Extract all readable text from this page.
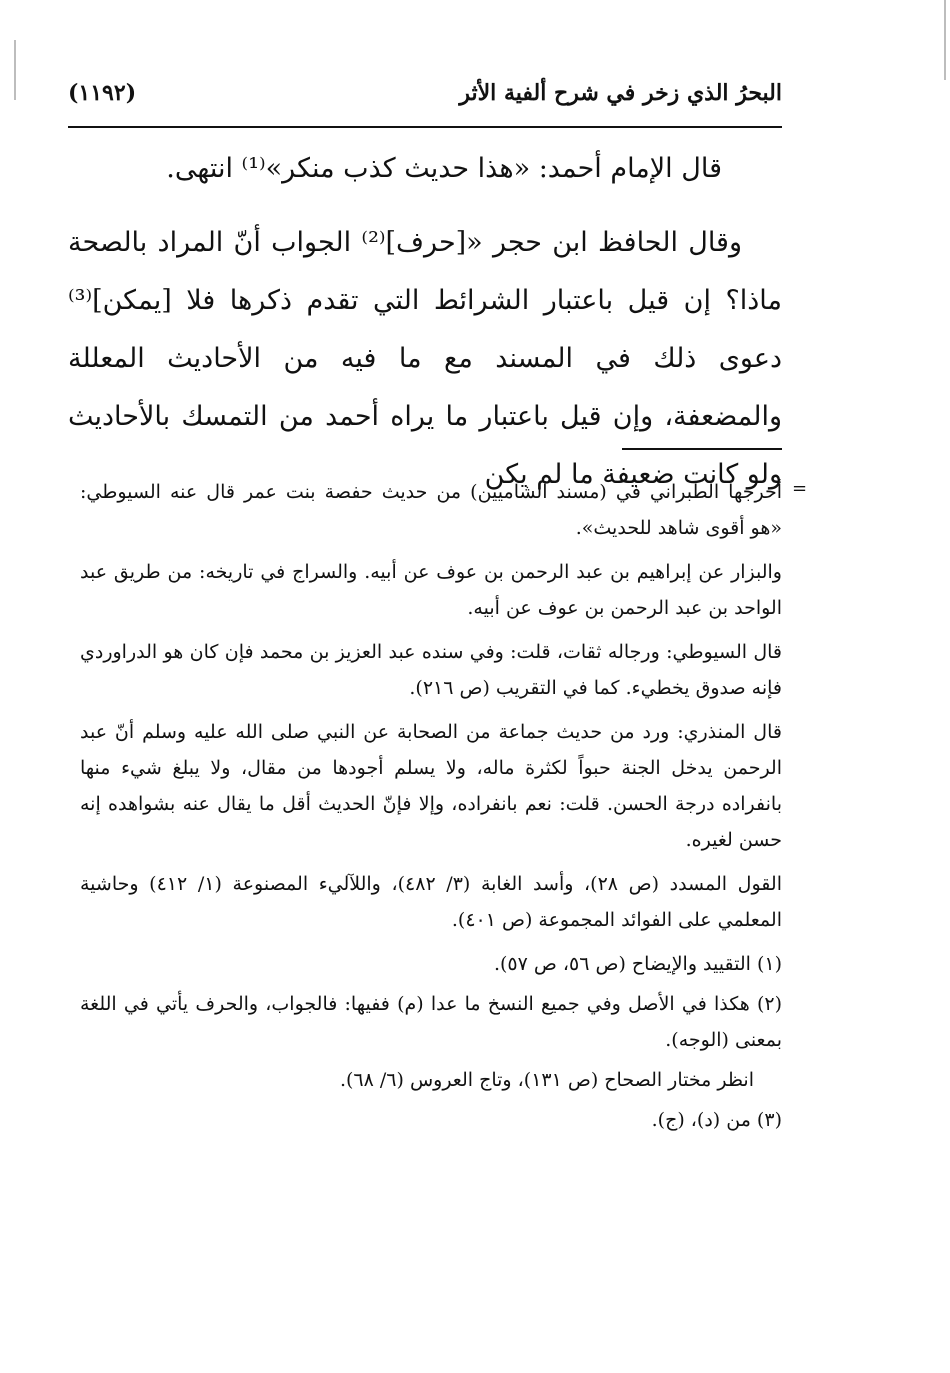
البحرُ الذي زخر في شرح ألفية الأثر
(١١٩٢)

قال الإمام أحمد: «هذا حديث كذب منكر»⁽¹⁾ انتهى.

وقال الحافظ ابن حجر «[حرف]⁽²⁾ الجواب أنّ المراد بالصحة ماذا؟ إن قيل باعتبار الشرائط التي تقدم ذكرها فلا [يمكن]⁽³⁾ دعوى ذلك في المسند مع ما فيه من الأحاديث المعللة والمضعفة، وإن قيل باعتبار ما يراه أحمد من التمسك بالأحاديث ولو كانت ضعيفة ما لم يكن =

أخرجها الطبراني في (مسند الشاميين) من حديث حفصة بنت عمر قال عنه السيوطي: «هو أقوى شاهد للحديث».

والبزار عن إبراهيم بن عبد الرحمن بن عوف عن أبيه. والسراج في تاريخه: من طريق عبد الواحد بن عبد الرحمن بن عوف عن أبيه.

قال السيوطي: ورجاله ثقات، قلت: وفي سنده عبد العزيز بن محمد فإن كان هو الدراوردي فإنه صدوق يخطيء. كما في التقريب (ص ٢١٦).

قال المنذري: ورد من حديث جماعة من الصحابة عن النبي صلى الله عليه وسلم أنّ عبد الرحمن يدخل الجنة حبواً لكثرة ماله، ولا يسلم أجودها من مقال، ولا يبلغ شيء منها بانفراده درجة الحسن. قلت: نعم بانفراده، وإلا فإنّ الحديث أقل ما يقال عنه بشواهده إنه حسن لغيره.

القول المسدد (ص ٢٨)، وأسد الغابة (٣/ ٤٨٢)، واللآليء المصنوعة (١/ ٤١٢) وحاشية المعلمي على الفوائد المجموعة (ص ٤٠١).

(١) التقييد والإيضاح (ص ٥٦، ص ٥٧).

(٢) هكذا في الأصل وفي جميع النسخ ما عدا (م) ففيها: فالجواب، والحرف يأتي في اللغة بمعنى (الوجه).

انظر مختار الصحاح (ص ١٣١)، وتاج العروس (٦/ ٦٨).

(٣) من (د)، (ج).
